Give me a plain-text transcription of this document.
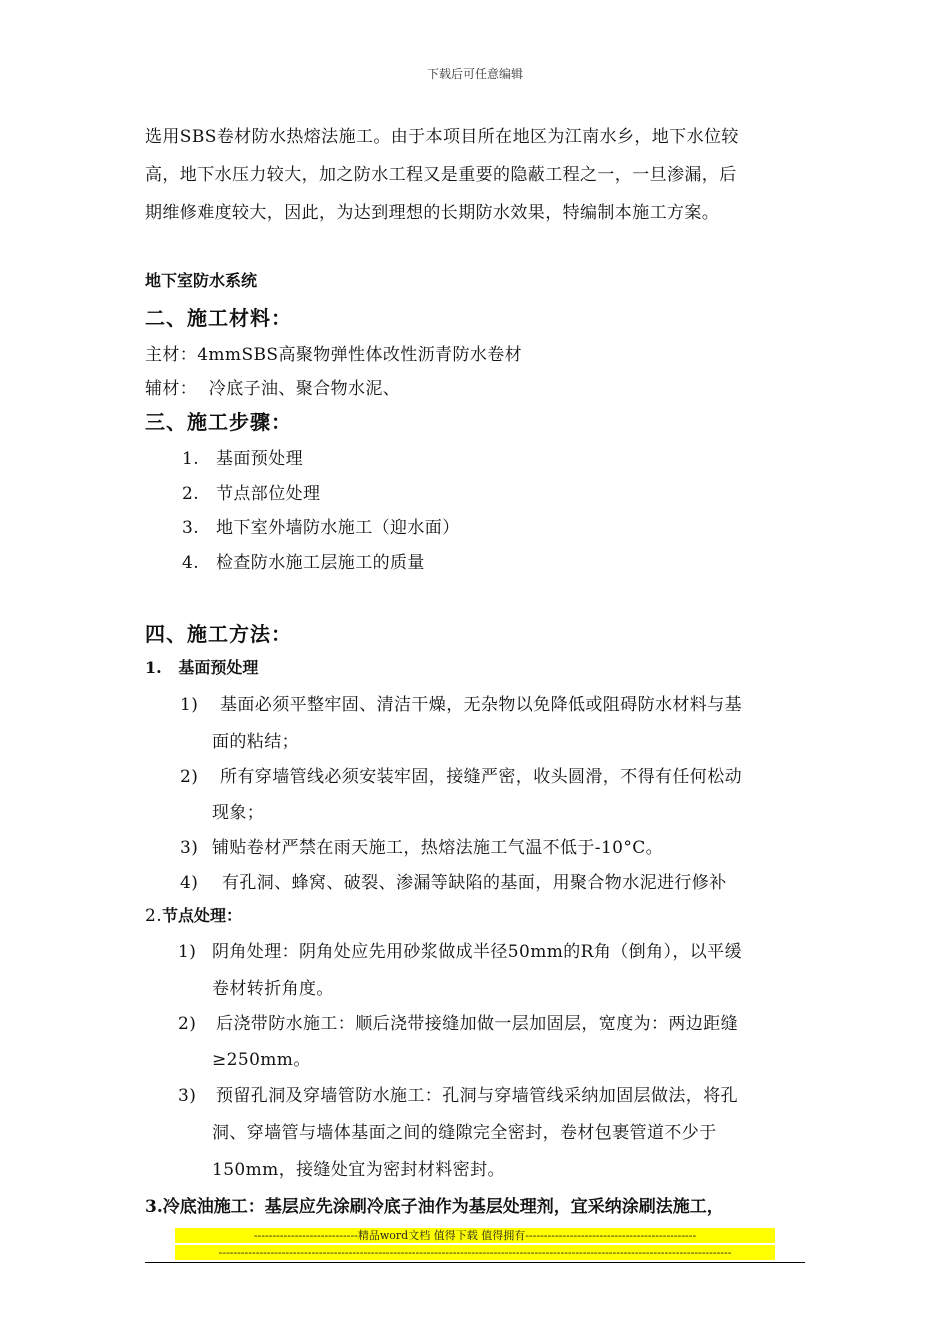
下载后可任意编辑
选用SBS卷材防水热熔法施工。由于本项目所在地区为江南水乡，地下水位较
高，地下水压力较大，加之防水工程又是重要的隐蔽工程之一，一旦渗漏，后
期维修难度较大，因此，为达到理想的长期防水效果，特编制本施工方案。
地下室防水系统
二、施工材料：
主材：4mmSBS高聚物弹性体改性沥青防水卷材
辅材：  冷底子油、聚合物水泥、
三、施工步骤：
1. 基面预处理
2. 节点部位处理
3. 地下室外墙防水施工（迎水面）
4. 检查防水施工层施工的质量
四、施工方法：
1.   基面预处理
1) 基面必须平整牢固、清洁干燥，无杂物以免降低或阻碍防水材料与基
面的粘结；
2) 所有穿墙管线必须安装牢固，接缝严密，收头圆滑，不得有任何松动
现象；
3) 铺贴卷材严禁在雨天施工，热熔法施工气温不低于-10°C。
4) 有孔洞、蜂窝、破裂、渗漏等缺陷的基面，用聚合物水泥进行修补
2.节点处理：
1) 阴角处理：阴角处应先用砂浆做成半径50mm的R角（倒角），以平缓
卷材转折角度。
2) 后浇带防水施工：顺后浇带接缝加做一层加固层，宽度为：两边距缝
≥250mm。
3) 预留孔洞及穿墙管防水施工：孔洞与穿墙管线采纳加固层做法，将孔
洞、穿墙管与墙体基面之间的缝隙完全密封，卷材包裹管道不少于
150mm，接缝处宜为密封材料密封。
3.冷底油施工：基层应先涂刷冷底子油作为基层处理剂，宜采纳涂刷法施工，
----------------------------精品word文档 值得下载 值得拥有----------------------------------------------
------------------------------------------------------------------------------------------------------------------------------------------
